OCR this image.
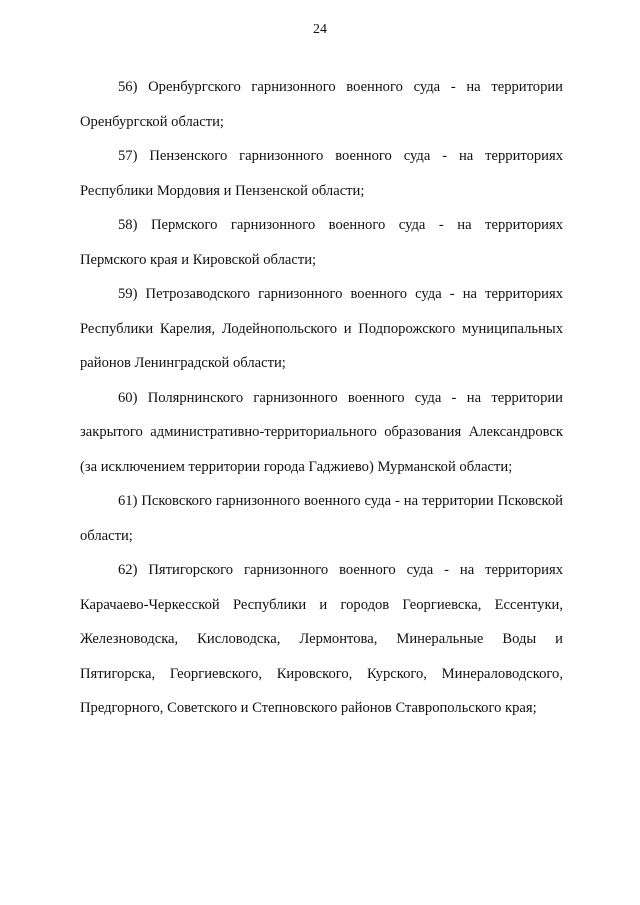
24

56) Оренбургского гарнизонного военного суда - на территории Оренбургской области;

57) Пензенского гарнизонного военного суда - на территориях Республики Мордовия и Пензенской области;

58) Пермского гарнизонного военного суда - на территориях Пермского края и Кировской области;

59) Петрозаводского гарнизонного военного суда - на территориях Республики Карелия, Лодейнопольского и Подпорожского муниципальных районов Ленинградской области;

60) Полярнинского гарнизонного военного суда - на территории закрытого административно-территориального образования Александровск (за исключением территории города Гаджиево) Мурманской области;

61) Псковского гарнизонного военного суда - на территории Псковской области;

62) Пятигорского гарнизонного военного суда - на территориях Карачаево-Черкесской Республики и городов Георгиевска, Ессентуки, Железноводска, Кисловодска, Лермонтова, Минеральные Воды и Пятигорска, Георгиевского, Кировского, Курского, Минераловодского, Предгорного, Советского и Степновского районов Ставропольского края;
